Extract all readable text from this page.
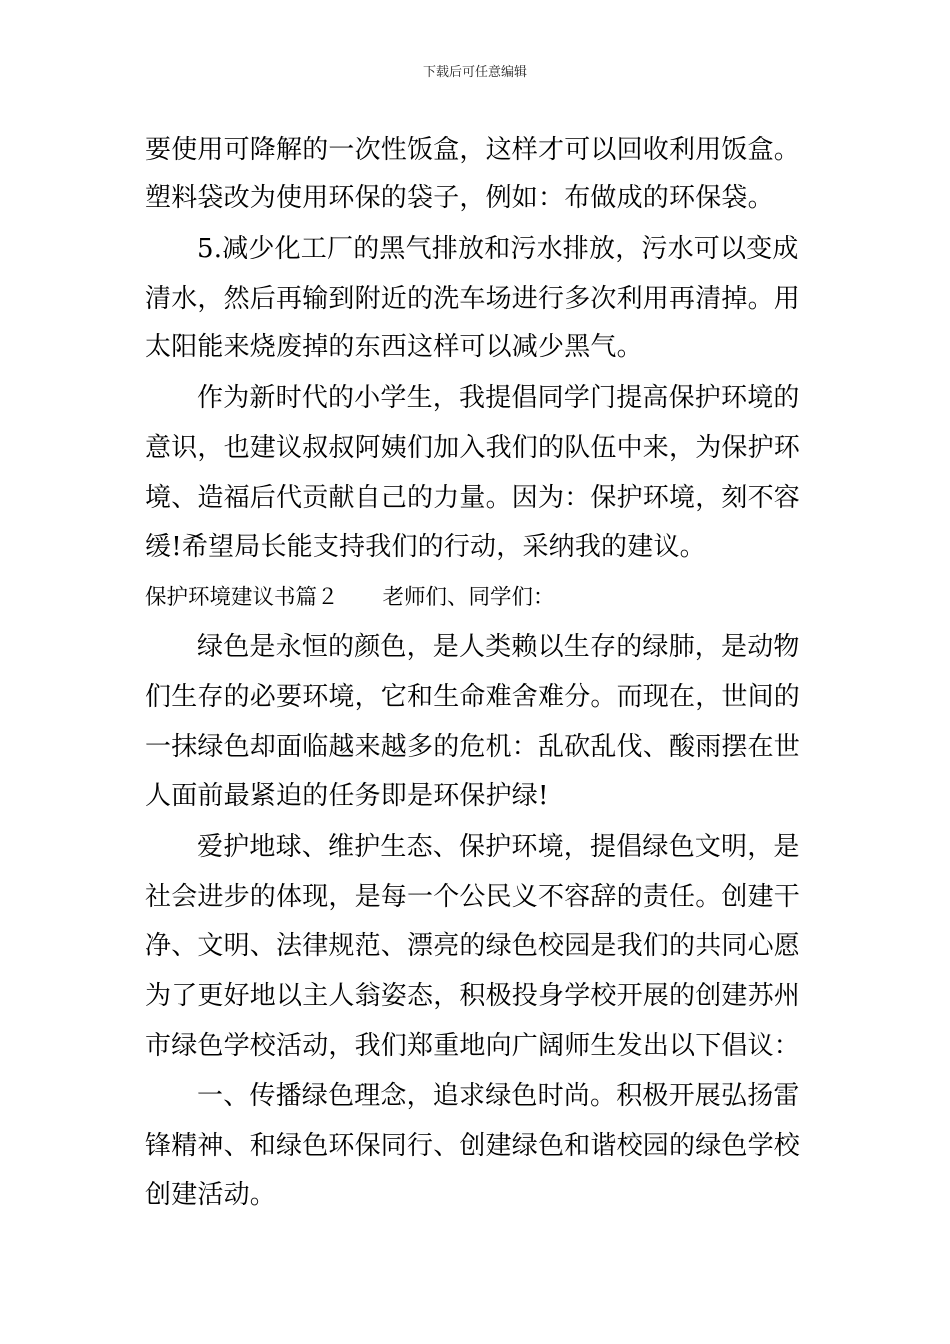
下载后可任意编辑
要使用可降解的一次性饭盒，这样才可以回收利用饭盒。
塑料袋改为使用环保的袋子，例如：布做成的环保袋。
5.减少化工厂的黑气排放和污水排放，污水可以变成
清水，然后再输到附近的洗车场进行多次利用再清掉。用
太阳能来烧废掉的东西这样可以减少黑气。
作为新时代的小学生，我提倡同学门提高保护环境的
意识，也建议叔叔阿姨们加入我们的队伍中来，为保护环
境、造福后代贡献自己的力量。因为：保护环境，刻不容
缓!希望局长能支持我们的行动，采纳我的建议。
保护环境建议书篇２ 老师们、同学们：
绿色是永恒的颜色，是人类赖以生存的绿肺，是动物
们生存的必要环境，它和生命难舍难分。而现在，世间的
一抹绿色却面临越来越多的危机：乱砍乱伐、酸雨摆在世
人面前最紧迫的任务即是环保护绿!
爱护地球、维护生态、保护环境，提倡绿色文明，是
社会进步的体现，是每一个公民义不容辞的责任。创建干
净、文明、法律规范、漂亮的绿色校园是我们的共同心愿
为了更好地以主人翁姿态，积极投身学校开展的创建苏州
市绿色学校活动，我们郑重地向广阔师生发出以下倡议：
一、传播绿色理念，追求绿色时尚。积极开展弘扬雷
锋精神、和绿色环保同行、创建绿色和谐校园的绿色学校
创建活动。
